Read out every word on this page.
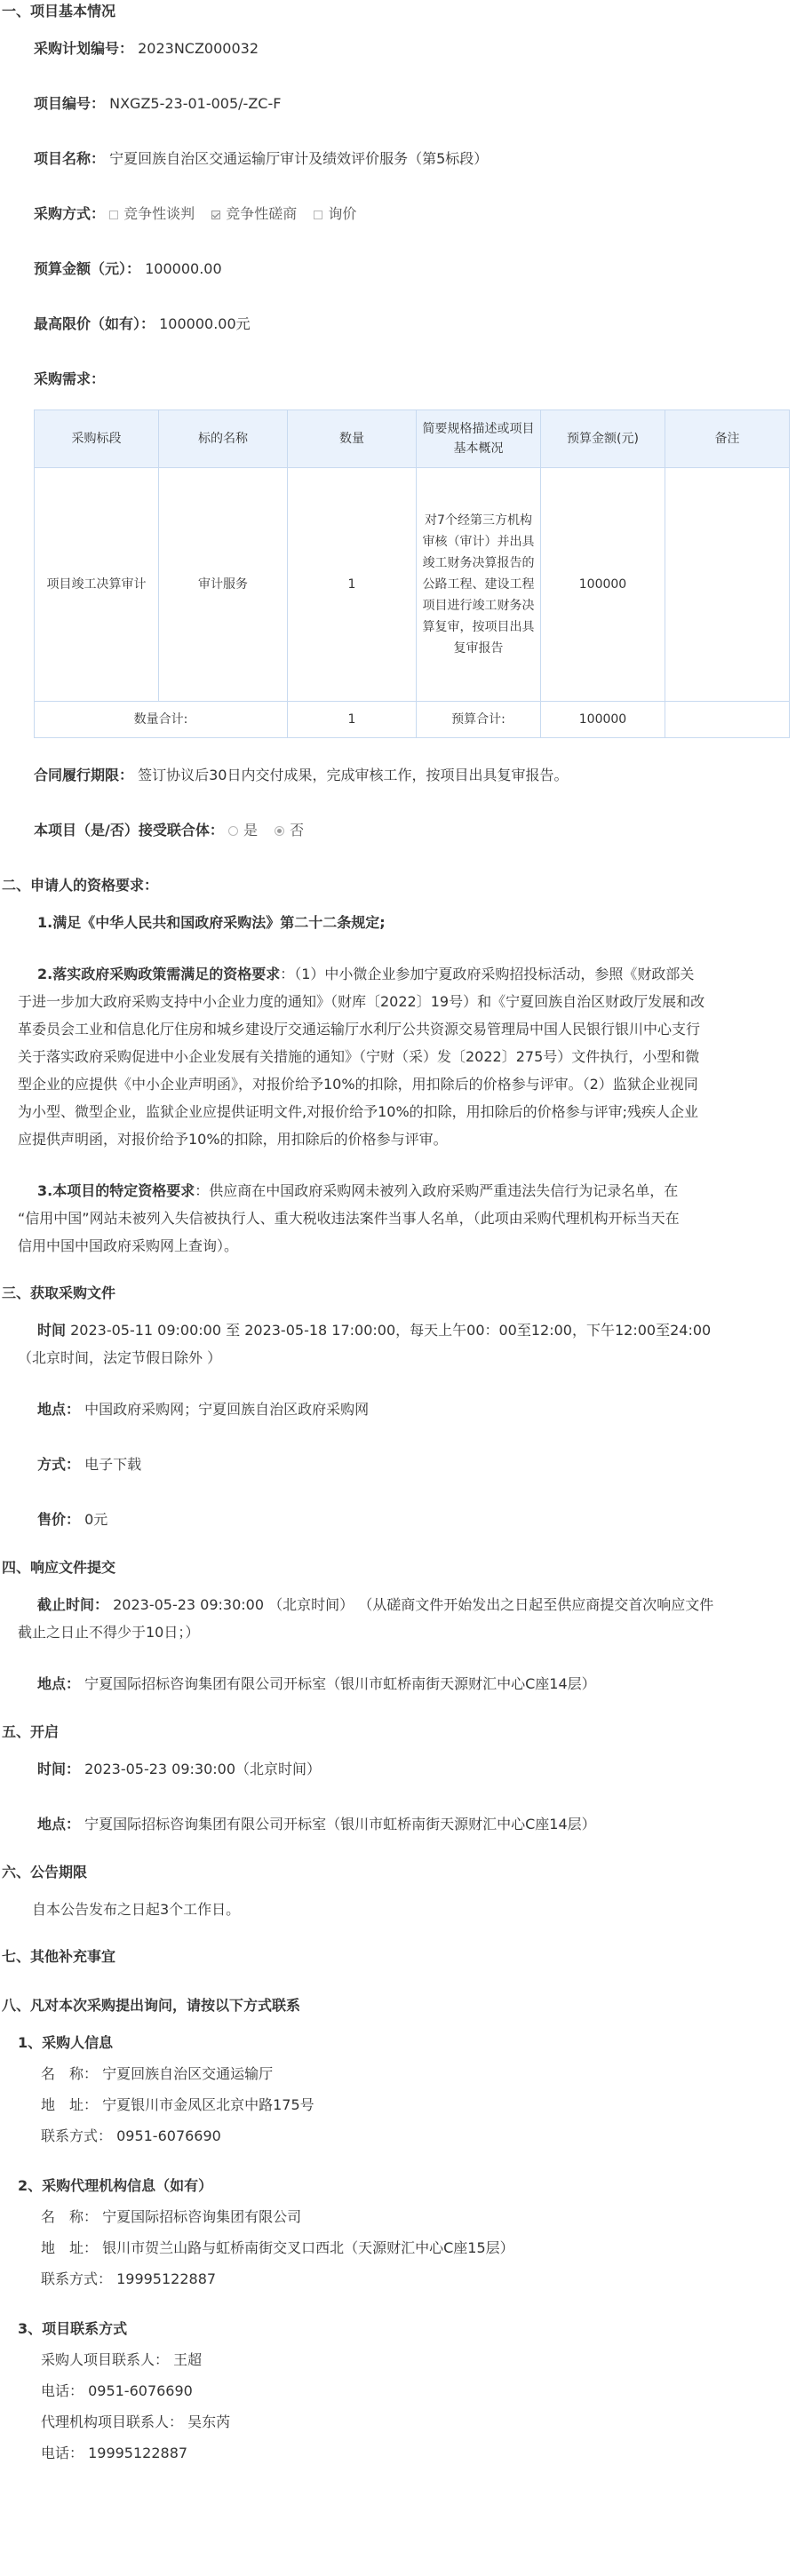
一、项目基本情况
采购计划编号： 2023NCZ000032
项目编号： NXGZ5-23-01-005/-ZC-F
项目名称： 宁夏回族自治区交通运输厅审计及绩效评价服务（第5标段）
采购方式： 竞争性谈判 竞争性磋商 询价
预算金额（元）： 100000.00
最高限价（如有）： 100000.00元
采购需求：
采购标段	标的名称	数量	简要规格描述或项目基本概况	预算金额(元)	备注
项目竣工决算审计	审计服务	1	对7个经第三方机构审核（审计）并出具竣工财务决算报告的公路工程、建设工程项目进行竣工财务决算复审，按项目出具复审报告	100000	
数量合计:		1	预算合计:	100000	
合同履行期限： 签订协议后30日内交付成果，完成审核工作，按项目出具复审报告。
本项目（是/否）接受联合体： 是 否
二、申请人的资格要求：
1.满足《中华人民共和国政府采购法》第二十二条规定;
2.落实政府采购政策需满足的资格要求：（1）中小微企业参加宁夏政府采购招投标活动，参照《财政部关
于进一步加大政府采购支持中小企业力度的通知》（财库〔2022〕19号）和《宁夏回族自治区财政厅发展和改
革委员会工业和信息化厅住房和城乡建设厅交通运输厅水利厅公共资源交易管理局中国人民银行银川中心支行
关于落实政府采购促进中小企业发展有关措施的通知》（宁财（采）发〔2022〕275号）文件执行，小型和微
型企业的应提供《中小企业声明函》，对报价给予10%的扣除，用扣除后的价格参与评审。（2）监狱企业视同
为小型、微型企业，监狱企业应提供证明文件,对报价给予10%的扣除，用扣除后的价格参与评审;残疾人企业
应提供声明函，对报价给予10%的扣除，用扣除后的价格参与评审。
3.本项目的特定资格要求：供应商在中国政府采购网未被列入政府采购严重违法失信行为记录名单，在
“信用中国”网站未被列入失信被执行人、重大税收违法案件当事人名单，（此项由采购代理机构开标当天在
信用中国中国政府采购网上查询）。
三、获取采购文件
时间 2023-05-11 09:00:00 至 2023-05-18 17:00:00，每天上午00：00至12:00，下午12:00至24:00
（北京时间，法定节假日除外 ）
地点： 中国政府采购网；宁夏回族自治区政府采购网
方式： 电子下载
售价： 0元
四、响应文件提交
截止时间： 2023-05-23 09:30:00 （北京时间） （从磋商文件开始发出之日起至供应商提交首次响应文件
截止之日止不得少于10日；）
地点： 宁夏国际招标咨询集团有限公司开标室（银川市虹桥南街天源财汇中心C座14层）
五、开启
时间： 2023-05-23 09:30:00（北京时间）
地点： 宁夏国际招标咨询集团有限公司开标室（银川市虹桥南街天源财汇中心C座14层）
六、公告期限
自本公告发布之日起3个工作日。
七、其他补充事宜
八、凡对本次采购提出询问，请按以下方式联系
1、采购人信息
名　称： 宁夏回族自治区交通运输厅
地　址： 宁夏银川市金凤区北京中路175号
联系方式： 0951-6076690
2、采购代理机构信息（如有）
名　称： 宁夏国际招标咨询集团有限公司
地　址： 银川市贺兰山路与虹桥南街交叉口西北（天源财汇中心C座15层）
联系方式： 19995122887
3、项目联系方式
采购人项目联系人： 王超
电话： 0951-6076690
代理机构项目联系人： 吴东芮
电话： 19995122887
